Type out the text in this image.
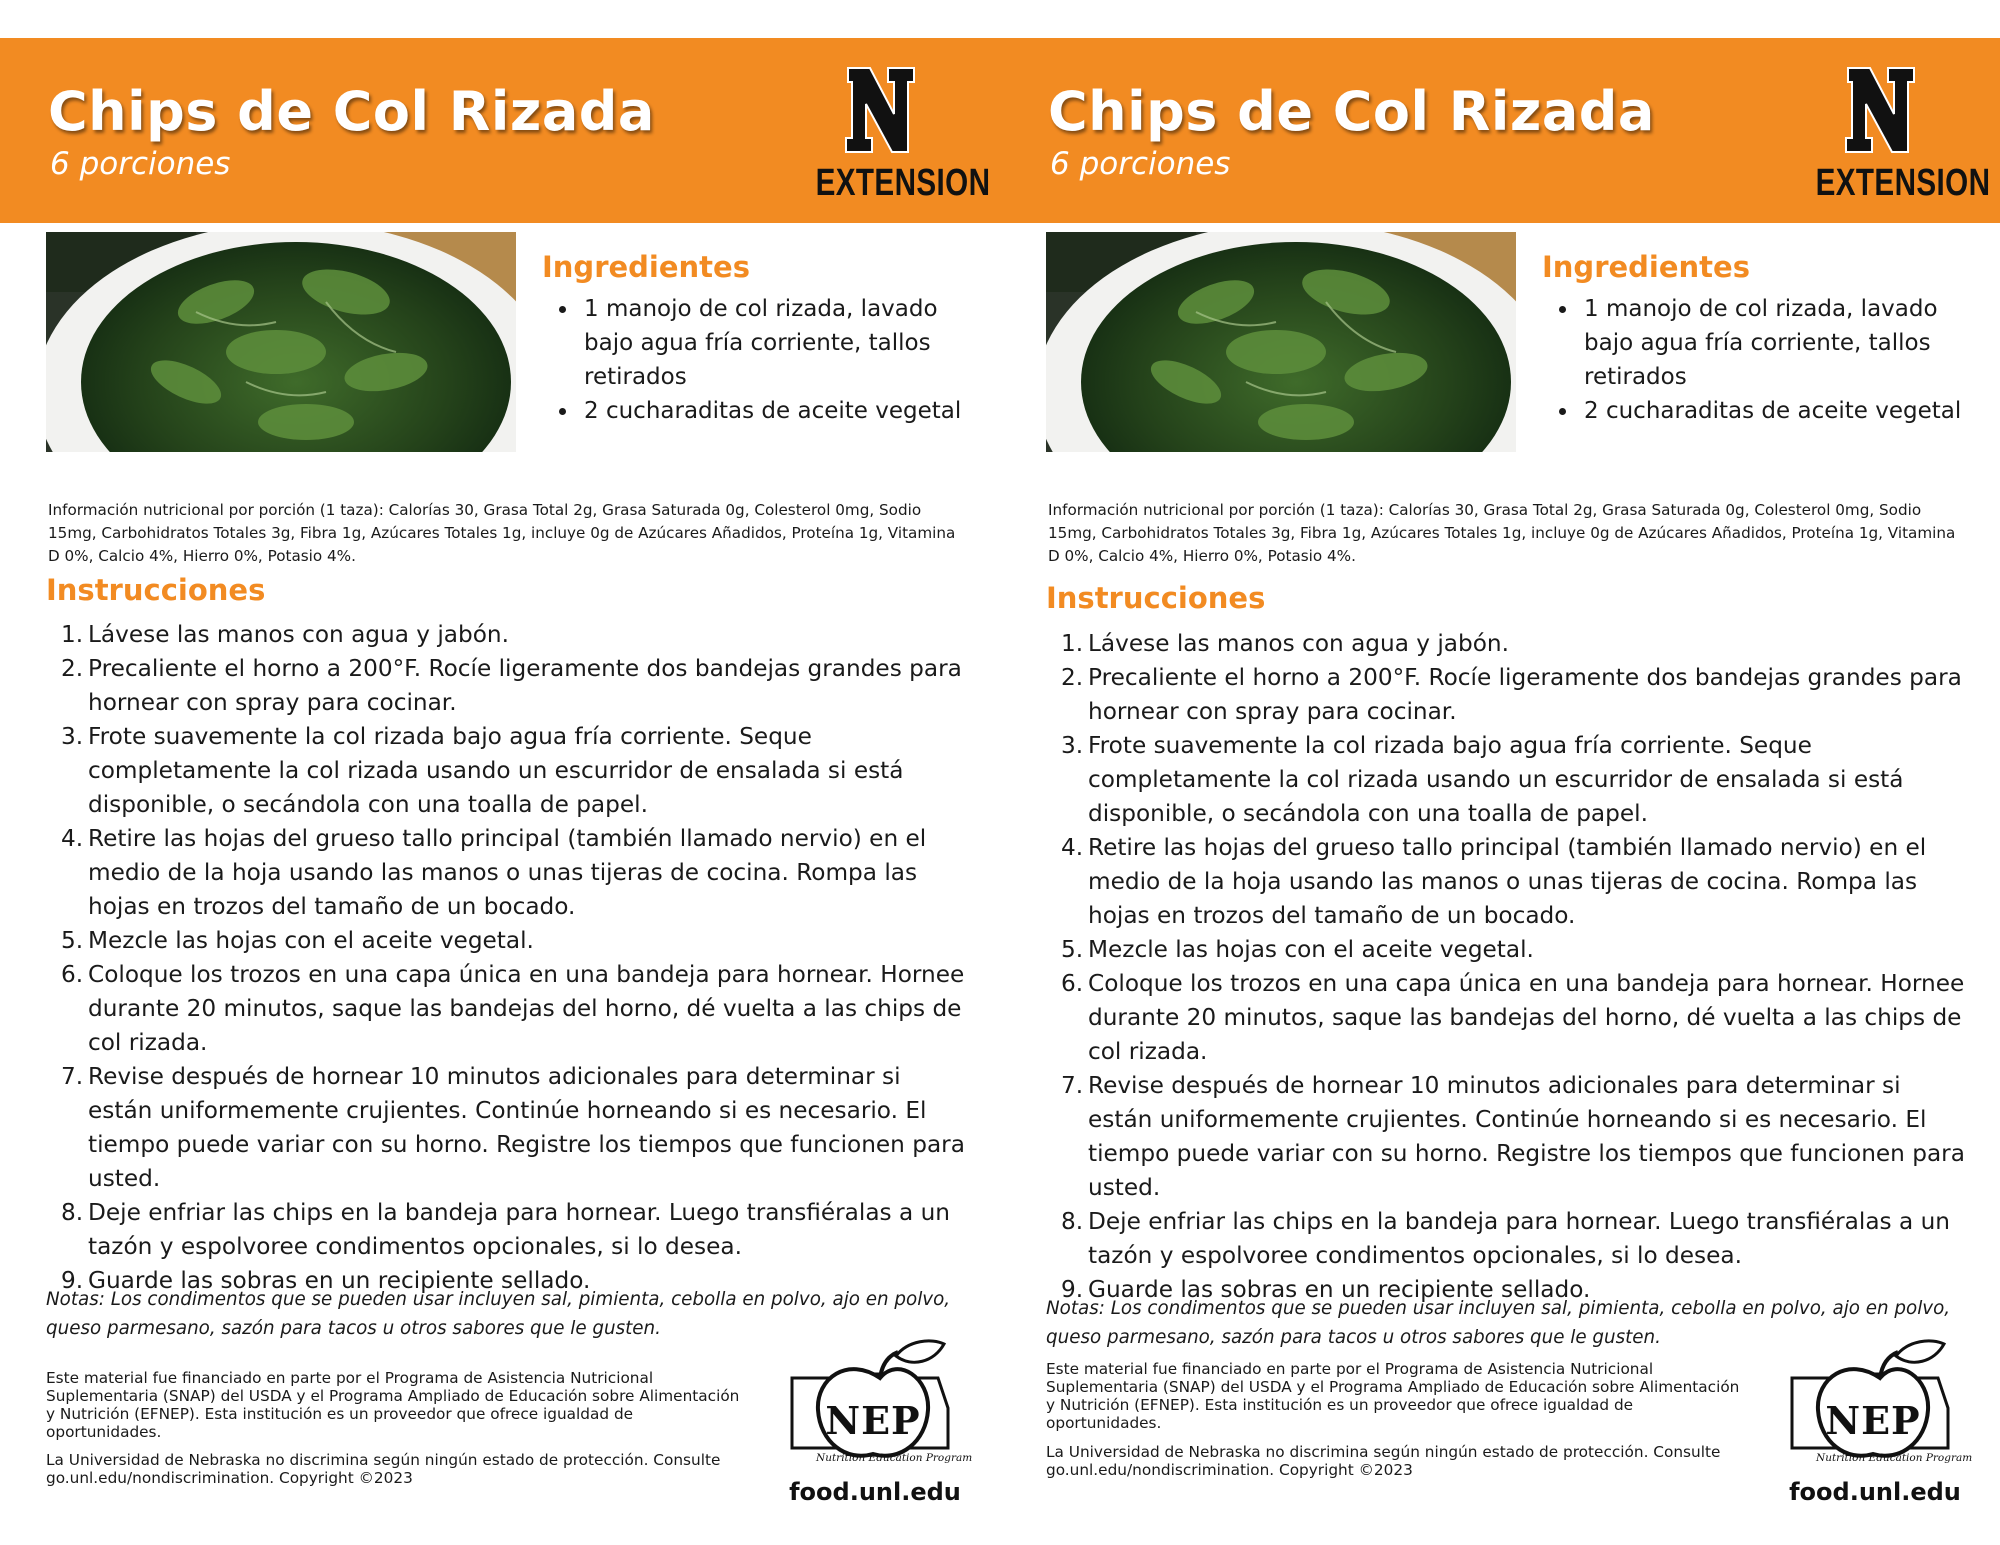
Chips de Col Rizada
6 porciones	EXTENSION
Ingredientes
1 manojo de col rizada, lavado bajo agua fría corriente, tallos retirados
2 cucharaditas de aceite vegetal

Información nutricional por porción (1 taza): Calorías 30, Grasa Total 2g, Grasa Saturada 0g, Colesterol 0mg, Sodio 15mg, Carbohidratos Totales 3g, Fibra 1g, Azúcares Totales 1g, incluye 0g de Azúcares Añadidos, Proteína 1g, Vitamina D 0%, Calcio 4%, Hierro 0%, Potasio 4%.

Instrucciones
1. Lávese las manos con agua y jabón.
2. Precaliente el horno a 200°F. Rocíe ligeramente dos bandejas grandes para hornear con spray para cocinar.
3. Frote suavemente la col rizada bajo agua fría corriente. Seque completamente la col rizada usando un escurridor de ensalada si está disponible, o secándola con una toalla de papel.
4. Retire las hojas del grueso tallo principal (también llamado nervio) en el medio de la hoja usando las manos o unas tijeras de cocina. Rompa las hojas en trozos del tamaño de un bocado.
5. Mezcle las hojas con el aceite vegetal.
6. Coloque los trozos en una capa única en una bandeja para hornear. Hornee durante 20 minutos, saque las bandejas del horno, dé vuelta a las chips de col rizada.
7. Revise después de hornear 10 minutos adicionales para determinar si están uniformemente crujientes. Continúe horneando si es necesario. El tiempo puede variar con su horno. Registre los tiempos que funcionen para usted.
8. Deje enfriar las chips en la bandeja para hornear. Luego transfiéralas a un tazón y espolvoree condimentos opcionales, si lo desea.
9. Guarde las sobras en un recipiente sellado.

Notas: Los condimentos que se pueden usar incluyen sal, pimienta, cebolla en polvo, ajo en polvo, queso parmesano, sazón para tacos u otros sabores que le gusten.

Este material fue financiado en parte por el Programa de Asistencia Nutricional Suplementaria (SNAP) del USDA y el Programa Ampliado de Educación sobre Alimentación y Nutrición (EFNEP). Esta institución es un proveedor que ofrece igualdad de oportunidades.

La Universidad de Nebraska no discrimina según ningún estado de protección. Consulte go.unl.edu/nondiscrimination. Copyright ©2023

NEP
Nutrition Education Program

food.unl.edu

Chips de Col Rizada
6 porciones	EXTENSION
Ingredientes
1 manojo de col rizada, lavado bajo agua fría corriente, tallos retirados
2 cucharaditas de aceite vegetal

Información nutricional por porción (1 taza): Calorías 30, Grasa Total 2g, Grasa Saturada 0g, Colesterol 0mg, Sodio 15mg, Carbohidratos Totales 3g, Fibra 1g, Azúcares Totales 1g, incluye 0g de Azúcares Añadidos, Proteína 1g, Vitamina D 0%, Calcio 4%, Hierro 0%, Potasio 4%.

Instrucciones
1. Lávese las manos con agua y jabón.
2. Precaliente el horno a 200°F. Rocíe ligeramente dos bandejas grandes para hornear con spray para cocinar.
3. Frote suavemente la col rizada bajo agua fría corriente. Seque completamente la col rizada usando un escurridor de ensalada si está disponible, o secándola con una toalla de papel.
4. Retire las hojas del grueso tallo principal (también llamado nervio) en el medio de la hoja usando las manos o unas tijeras de cocina. Rompa las hojas en trozos del tamaño de un bocado.
5. Mezcle las hojas con el aceite vegetal.
6. Coloque los trozos en una capa única en una bandeja para hornear. Hornee durante 20 minutos, saque las bandejas del horno, dé vuelta a las chips de col rizada.
7. Revise después de hornear 10 minutos adicionales para determinar si están uniformemente crujientes. Continúe horneando si es necesario. El tiempo puede variar con su horno. Registre los tiempos que funcionen para usted.
8. Deje enfriar las chips en la bandeja para hornear. Luego transfiéralas a un tazón y espolvoree condimentos opcionales, si lo desea.
9. Guarde las sobras en un recipiente sellado.

Notas: Los condimentos que se pueden usar incluyen sal, pimienta, cebolla en polvo, ajo en polvo, queso parmesano, sazón para tacos u otros sabores que le gusten.

Este material fue financiado en parte por el Programa de Asistencia Nutricional Suplementaria (SNAP) del USDA y el Programa Ampliado de Educación sobre Alimentación y Nutrición (EFNEP). Esta institución es un proveedor que ofrece igualdad de oportunidades.

La Universidad de Nebraska no discrimina según ningún estado de protección. Consulte go.unl.edu/nondiscrimination. Copyright ©2023

NEP
Nutrition Education Program

food.unl.edu
